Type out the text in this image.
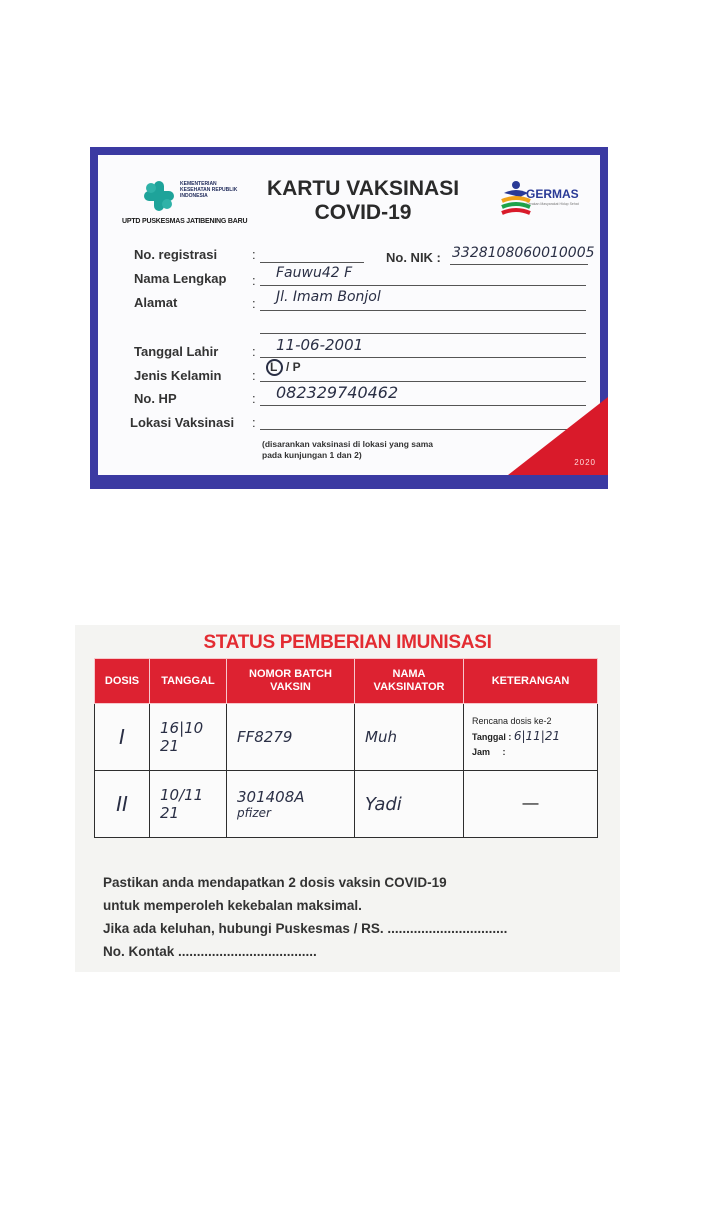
KEMENTERIAN KESEHATAN REPUBLIK INDONESIA
UPTD PUSKESMAS JATIBENING BARU
KARTU VAKSINASI
COVID-19
GERMAS
Gerakan Masyarakat Hidup Sehat
No. registrasi	:	No. NIK : 3328108060010005
Nama Lengkap : Fauwu42 F
Alamat	: Jl. Imam Bonjol
Tanggal Lahir	: 11-06-2001
Jenis Kelamin :
L / P
No. HP	: 082329740462
Lokasi Vaksinasi :
(disarankan vaksinasi di lokasi yang sama
pada kunjungan 1 dan 2)
2020
STATUS PEMBERIAN IMUNISASI
DOSIS	TANGGAL	NOMOR BATCH VAKSIN	NAMA VAKSINATOR	KETERANGAN
I	16|10 21	FF8279	Muh	Rencana dosis ke-2
Tanggal : 6|11|21
Jam     :

II	10/11 21	301408A
pfizer	Yadi	—
Pastikan anda mendapatkan 2 dosis vaksin COVID-19
untuk memperoleh kekebalan maksimal.
Jika ada keluhan, hubungi Puskesmas / RS. ................................
No. Kontak .....................................
